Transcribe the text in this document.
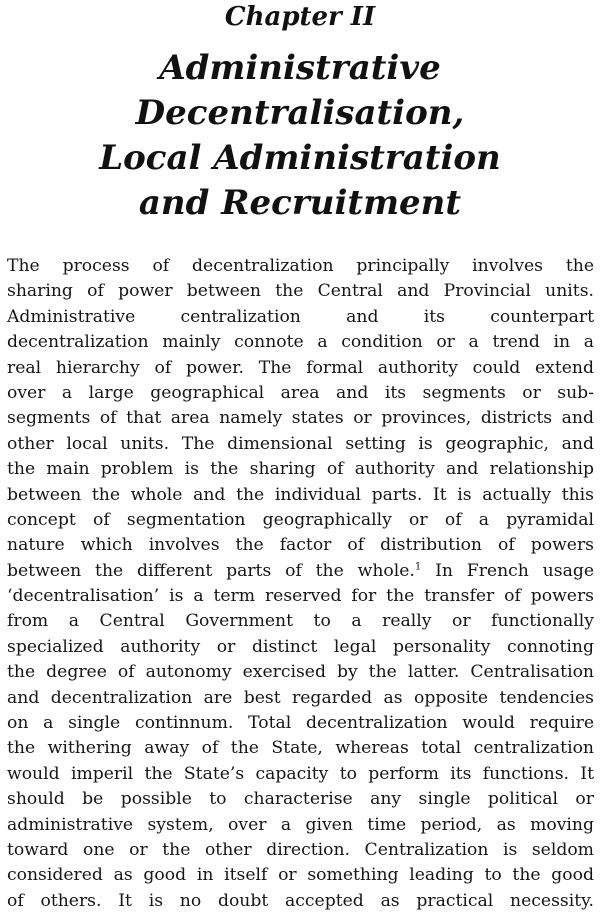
Chapter II
Administrative
Decentralisation,
Local Administration
and Recruitment
The process of decentralization principally involves the
sharing of power between the Central and Provincial units.
Administrative centralization and its counterpart
decentralization mainly connote a condition or a trend in a
real hierarchy of power. The formal authority could extend
over a large geographical area and its segments or sub-
segments of that area namely states or provinces, districts and
other local units. The dimensional setting is geographic, and
the main problem is the sharing of authority and relationship
between the whole and the individual parts. It is actually this
concept of segmentation geographically or of a pyramidal
nature which involves the factor of distribution of powers
between the different parts of the whole.$^1$ In French usage
‘decentralisation’ is a term reserved for the transfer of powers
from a Central Government to a really or functionally
specialized authority or distinct legal personality connoting
the degree of autonomy exercised by the latter. Centralisation
and decentralization are best regarded as opposite tendencies
on a single continnum. Total decentralization would require
the withering away of the State, whereas total centralization
would imperil the State’s capacity to perform its functions. It
should be possible to characterise any single political or
administrative system, over a given time period, as moving
toward one or the other direction. Centralization is seldom
considered as good in itself or something leading to the good
of others. It is no doubt accepted as practical necessity.
